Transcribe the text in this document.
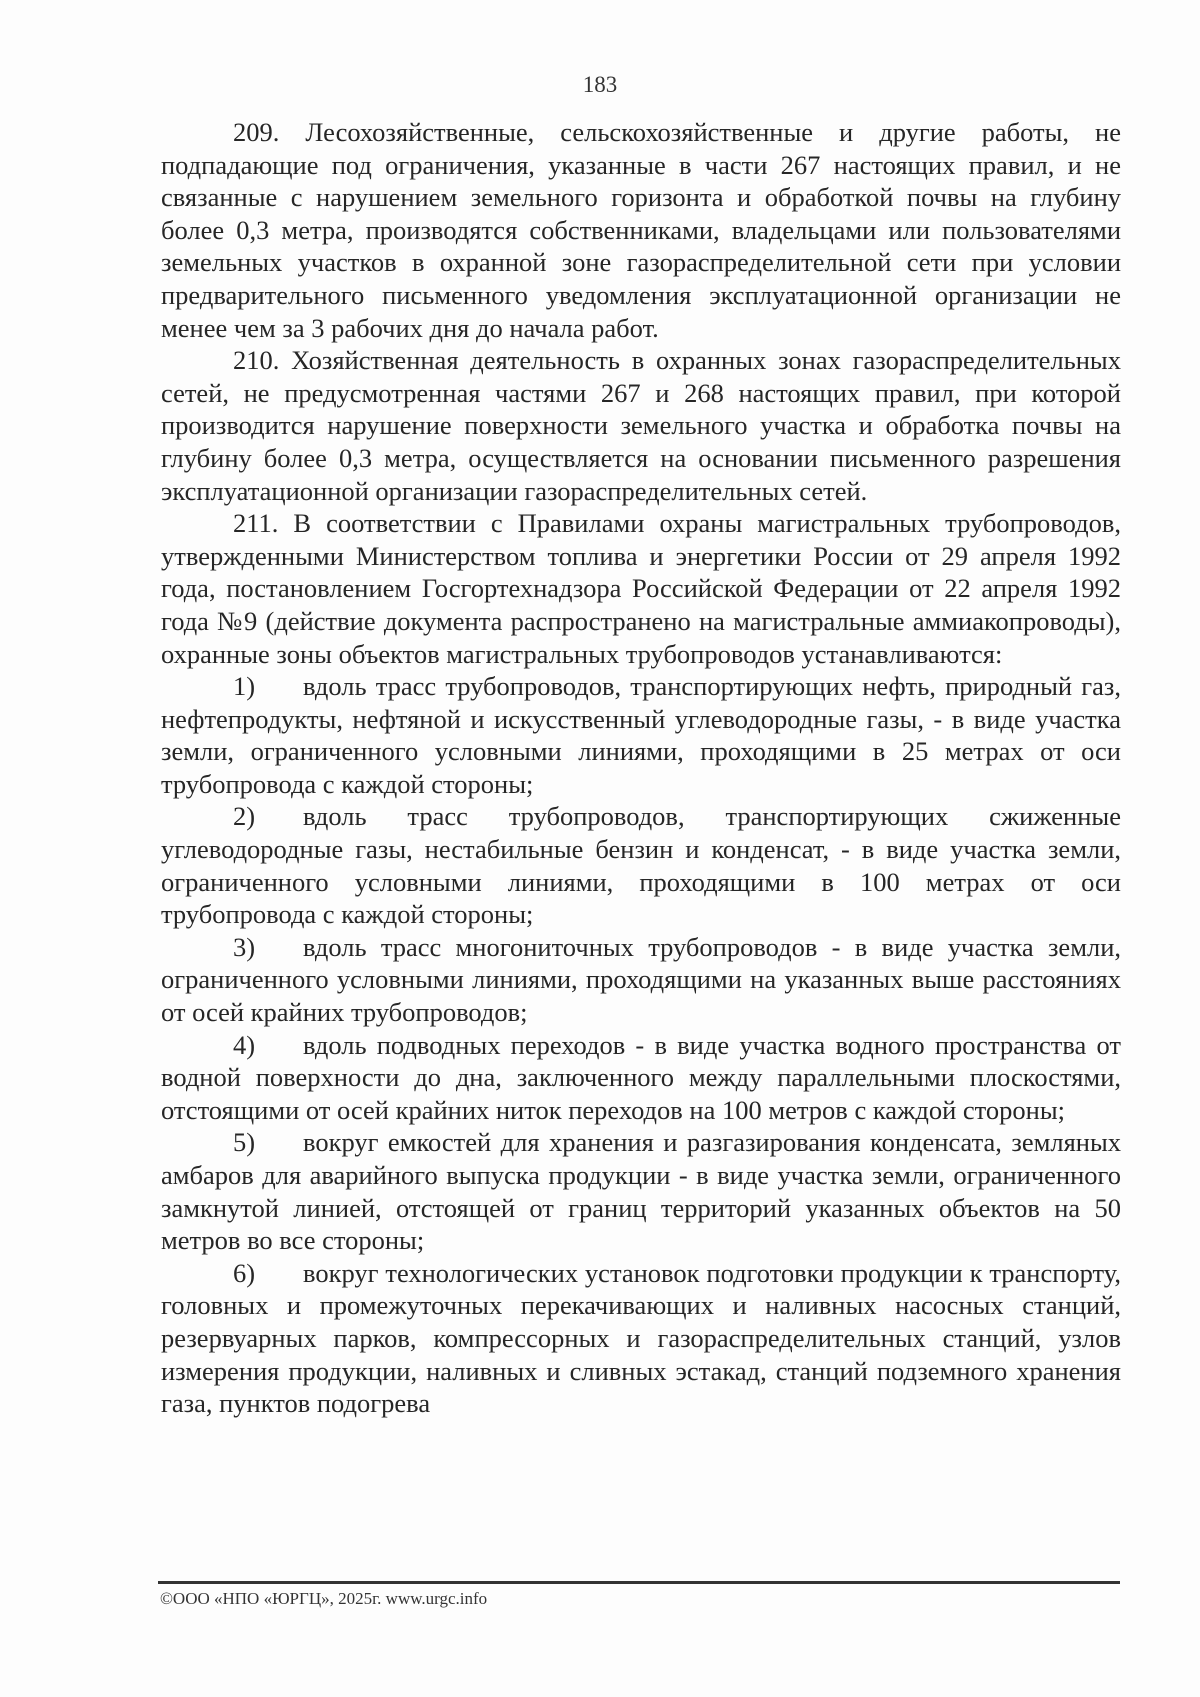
183

209. Лесохозяйственные, сельскохозяйственные и другие работы, не подпадающие под ограничения, указанные в части 267 настоящих правил, и не связанные с нарушением земельного горизонта и обработкой почвы на глубину более 0,3 метра, производятся собственниками, владельцами или пользователями земельных участков в охранной зоне газораспределительной сети при условии предварительного письменного уведомления эксплуатационной организации не менее чем за 3 рабочих дня до начала работ.

210. Хозяйственная деятельность в охранных зонах газораспределительных сетей, не предусмотренная частями 267 и 268 настоящих правил, при которой производится нарушение поверхности земельного участка и обработка почвы на глубину более 0,3 метра, осуществляется на основании письменного разрешения эксплуатационной организации газораспределительных сетей.

211. В соответствии с Правилами охраны магистральных трубопроводов, утвержденными Министерством топлива и энергетики России от 29 апреля 1992 года, постановлением Госгортехнадзора Российской Федерации от 22 апреля 1992 года №9 (действие документа распространено на магистральные аммиакопроводы), охранные зоны объектов магистральных трубопроводов устанавливаются:

1) вдоль трасс трубопроводов, транспортирующих нефть, природный газ, нефтепродукты, нефтяной и искусственный углеводородные газы, - в виде участка земли, ограниченного условными линиями, проходящими в 25 метрах от оси трубопровода с каждой стороны;

2) вдоль трасс трубопроводов, транспортирующих сжиженные углеводородные газы, нестабильные бензин и конденсат, - в виде участка земли, ограниченного условными линиями, проходящими в 100 метрах от оси трубопровода с каждой стороны;

3) вдоль трасс многониточных трубопроводов - в виде участка земли, ограниченного условными линиями, проходящими на указанных выше расстояниях от осей крайних трубопроводов;

4) вдоль подводных переходов - в виде участка водного пространства от водной поверхности до дна, заключенного между параллельными плоскостями, отстоящими от осей крайних ниток переходов на 100 метров с каждой стороны;

5) вокруг емкостей для хранения и разгазирования конденсата, земляных амбаров для аварийного выпуска продукции - в виде участка земли, ограниченного замкнутой линией, отстоящей от границ территорий указанных объектов на 50 метров во все стороны;

6) вокруг технологических установок подготовки продукции к транспорту, головных и промежуточных перекачивающих и наливных насосных станций, резервуарных парков, компрессорных и газораспределительных станций, узлов измерения продукции, наливных и сливных эстакад, станций подземного хранения газа, пунктов подогрева

©ООО «НПО «ЮРГЦ», 2025г. www.urgc.info
